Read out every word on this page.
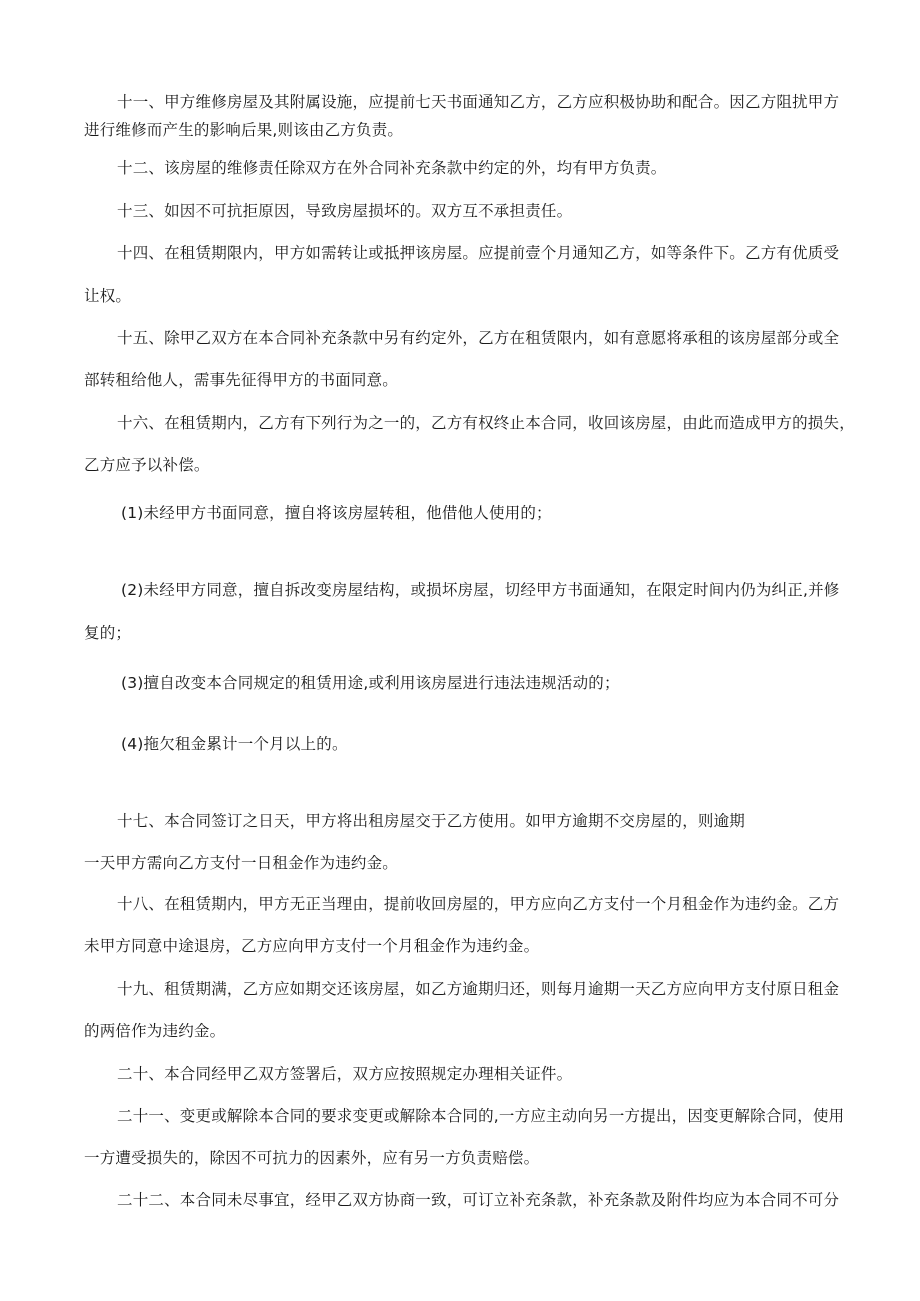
十一、甲方维修房屋及其附属设施，应提前七天书面通知乙方，乙方应积极协助和配合。因乙方阻扰甲方
进行维修而产生的影响后果,则该由乙方负责。
十二、该房屋的维修责任除双方在外合同补充条款中约定的外，均有甲方负责。
十三、如因不可抗拒原因，导致房屋损坏的。双方互不承担责任。
十四、在租赁期限内，甲方如需转让或抵押该房屋。应提前壹个月通知乙方，如等条件下。乙方有优质受
让权。
十五、除甲乙双方在本合同补充条款中另有约定外，乙方在租赁限内，如有意愿将承租的该房屋部分或全
部转租给他人，需事先征得甲方的书面同意。
十六、在租赁期内，乙方有下列行为之一的，乙方有权终止本合同，收回该房屋，由此而造成甲方的损失，
乙方应予以补偿。
(1)未经甲方书面同意，擅自将该房屋转租，他借他人使用的；
(2)未经甲方同意，擅自拆改变房屋结构，或损坏房屋，切经甲方书面通知，在限定时间内仍为纠正,并修
复的；
(3)擅自改变本合同规定的租赁用途,或利用该房屋进行违法违规活动的；
(4)拖欠租金累计一个月以上的。
十七、本合同签订之日天，甲方将出租房屋交于乙方使用。如甲方逾期不交房屋的，则逾期
一天甲方需向乙方支付一日租金作为违约金。
十八、在租赁期内，甲方无正当理由，提前收回房屋的，甲方应向乙方支付一个月租金作为违约金。乙方
未甲方同意中途退房，乙方应向甲方支付一个月租金作为违约金。
十九、租赁期满，乙方应如期交还该房屋，如乙方逾期归还，则每月逾期一天乙方应向甲方支付原日租金
的两倍作为违约金。
二十、本合同经甲乙双方签署后，双方应按照规定办理相关证件。
二十一、变更或解除本合同的要求变更或解除本合同的,一方应主动向另一方提出，因变更解除合同，使用
一方遭受损失的，除因不可抗力的因素外，应有另一方负责赔偿。
二十二、本合同未尽事宜，经甲乙双方协商一致，可订立补充条款，补充条款及附件均应为本合同不可分
